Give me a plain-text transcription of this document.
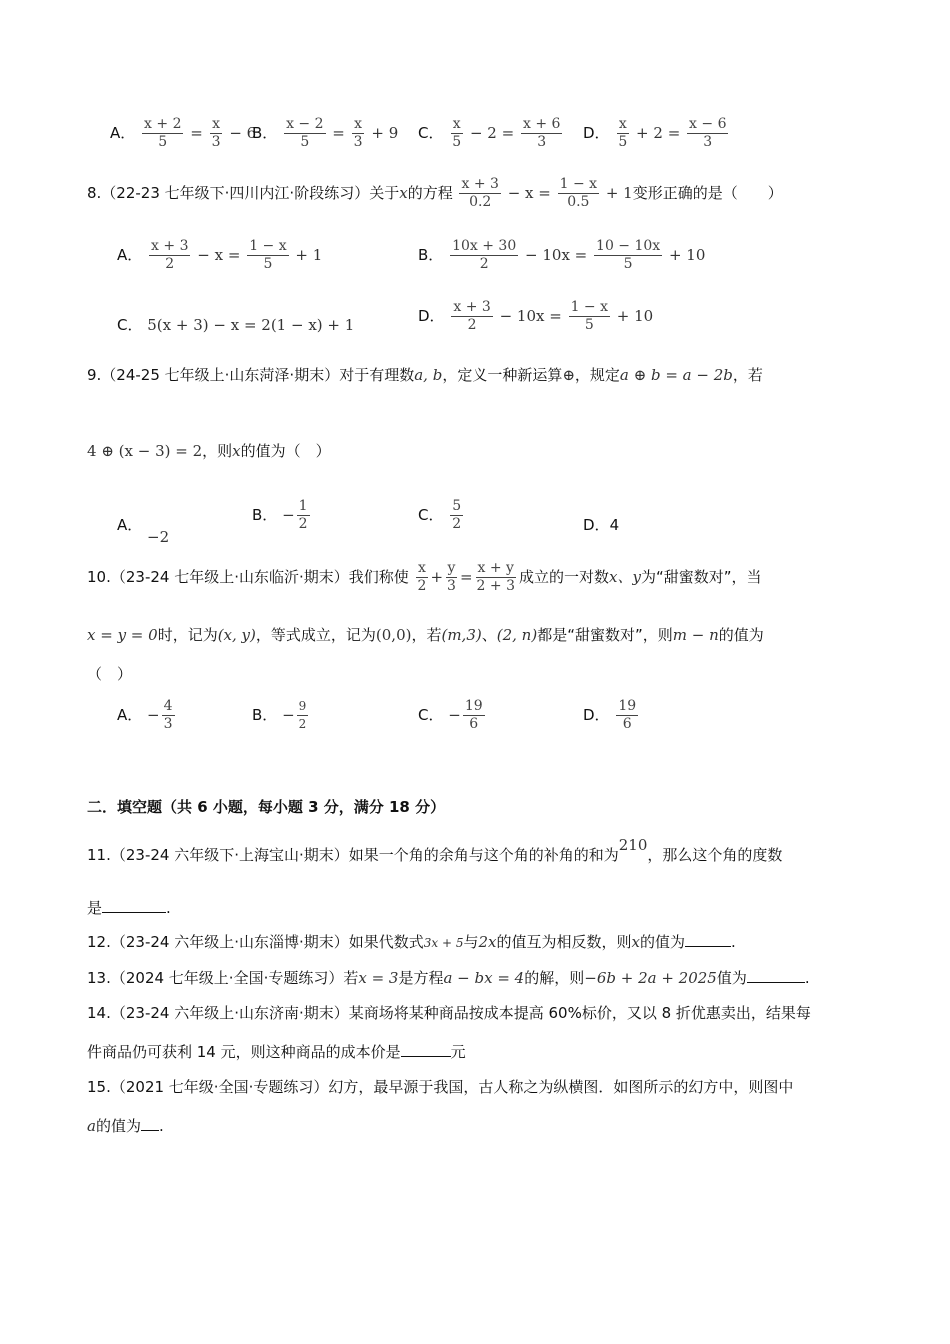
A． $\frac{x + 2}{5} = \frac{x}{3} - 6$
B． $\frac{x - 2}{5} = \frac{x}{3} + 9$ C． $\frac{x}{5} - 2 = \frac{x + 6}{3}$ D． $\frac{x}{5} + 2 = \frac{x - 6}{3}$
8.（22-23 七年级下·四川内江·阶段练习）关于x的方程 $\frac{x + 3}{0.2} - x = \frac{1 - x}{0.5} + 1$变形正确的是（　　）
A． $\frac{x + 3}{2} - x = \frac{1 - x}{5} + 1$	B． $\frac{10x + 30}{2} - 10x = \frac{10 - 10x}{5} + 10$
C． 5(x + 3) − x = 2(1 − x) + 1	D． $\frac{x + 3}{2} - 10x = \frac{1 - x}{5} + 10$
9.（24-25 七年级上·山东菏泽·期末）对于有理数a, b，定义一种新运算⊕，规定a ⊕ b = a − 2b，若
4 ⊕ (x − 3) = 2，则x的值为（　）
A． −2
B． − $\frac{1}{2}$	C． $\frac{5}{2}$	D．4
10.（23-24 七年级上·山东临沂·期末）我们称使 $\frac{x}{2} + \frac{y}{3} = \frac{x + y}{2 + 3}$ 成立的一对数x、y为“甜蜜数对”，当
x = y = 0时，记为(x, y)，等式成立，记为(0,0)，若(m,3)、(2, n)都是“甜蜜数对”，则m − n的值为
（　）
A． − $\frac{4}{3}$	B． − $\frac{9}{2}$	C． − $\frac{19}{6}$	D． $\frac{19}{6}$
二．填空题（共 6 小题，每小题 3 分，满分 18 分）
11.（23-24 六年级下·上海宝山·期末）如果一个角的余角与这个角的补角的和为210，那么这个角的度数
是	.
12.（23-24 六年级上·山东淄博·期末）如果代数式3x + 5与2x的值互为相反数，则x的值为	.
13.（2024 七年级上·全国·专题练习）若x = 3是方程a − bx = 4的解，则−6b + 2a + 2025值为	.
14.（23-24 六年级上·山东济南·期末）某商场将某种商品按成本提高 60%标价，又以 8 折优惠卖出，结果每
件商品仍可获利 14 元，则这种商品的成本价是	元
15.（2021 七年级·全国·专题练习）幻方，最早源于我国，古人称之为纵横图．如图所示的幻方中，则图中
a的值为 .
